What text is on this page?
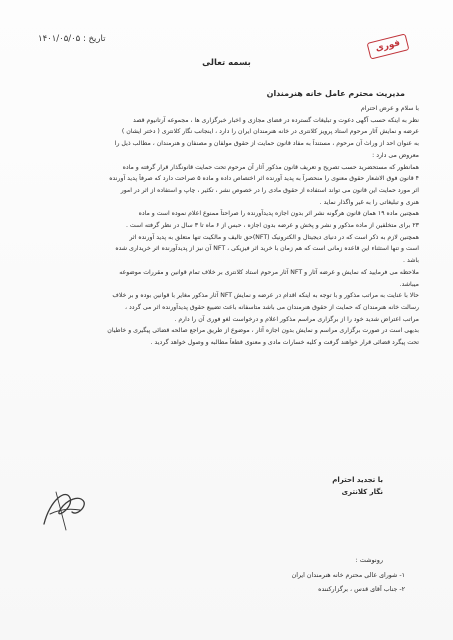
تاریخ : ۱۴۰۱/۰۵/۰۵	فوری
بسمه تعالی
مدیریت محترم عامل خانه هنرمندان

با سلام و عرض احترام

نظر به اینکه حسب آگهی دعوت و تبلیغات گسترده در فضای مجازی و اخبار خبرگزاری ها ، مجموعه آرتانیوم قصد

عرضه و نمایش آثار مرحوم استاد پرویز کلانتری در خانه هنرمندان ایران را دارد ، اینجانب نگار کلانتری ( دختر ایشان )

به عنوان احد از وراث آن مرحوم ، مستنداً به مفاد قانون حمایت از حقوق مولفان و مصنفان و هنرمندان ، مطالب ذیل را

معروض می دارد :

همانطور که مستحضرید حسب تصریح و تعریف قانون مذکور آثار آن مرحوم تحت حمایت قانونگذار قرار گرفته و ماده

۴ قانون فوق الاشعار حقوق معنوی را منحصراً به پدید آورنده اثر اختصاص داده و ماده ۵ صراحت دارد که صرفاً پدید آورنده

اثر مورد حمایت این قانون می تواند استفاده از حقوق مادی را در خصوص نشر ، تکثیر ، چاپ و استفاده از اثر در امور

هنری و تبلیغاتی را به غیر واگذار نماید .

همچنین ماده ۱۹ همان قانون هرگونه نشر اثر بدون اجازه پدیدآورنده را صراحتاً ممنوع اعلام نموده است و ماده

۲۳ برای متخلفین از ماده مذکور و نشر و پخش و عرضه بدون اجازه ، حبس از ۶ ماه تا ۳ سال در نظر گرفته است .

همچنین لازم به ذکر است که در دنیای دیجیتال و الکترونیک (NFT)حق تالیف و مالکیت تنها متعلق به پدید آورنده اثر

است و تنها استثناء این قاعده زمانی است که هم زمان با خرید اثر فیزیکی ، NFT آن نیز از پدیدآورنده اثر خریداری شده

باشد .

ملاحظه می فرمایید که نمایش و عرضه آثار و NFT آثار مرحوم استاد کلانتری بر خلاف تمام قوانین و مقررات موضوعه

میباشد.

حالا با عنایت به مراتب مذکور و با توجه به اینکه اقدام در عرضه و نمایش NFT آثار مذکور مغایر با قوانین بوده و بر خلاف

رسالت خانه هنرمندان که حمایت از حقوق هنرمندان می باشد متاسفانه باعث تضییع حقوق پدیدآورنده اثر می گردد ،

مراتب اعتراض شدید خود را از برگزاری مراسم مذکور اعلام و درخواست لغو فوری آن را دارم .

بدیهی است در صورت برگزاری مراسم و نمایش بدون اجازه آثار ، موضوع از طریق مراجع صالحه قضائی پیگیری و خاطیان

تحت پیگرد قضائی قرار خواهند گرفت و کلیه خسارات مادی و معنوی قطعاً مطالبه و وصول خواهد گردید .

با تجدید احترام
نگار کلانتری
رونوشت :
۱- شورای عالی محترم خانه هنرمندان ایران
۲- جناب آقای قدس ، برگزارکننده
